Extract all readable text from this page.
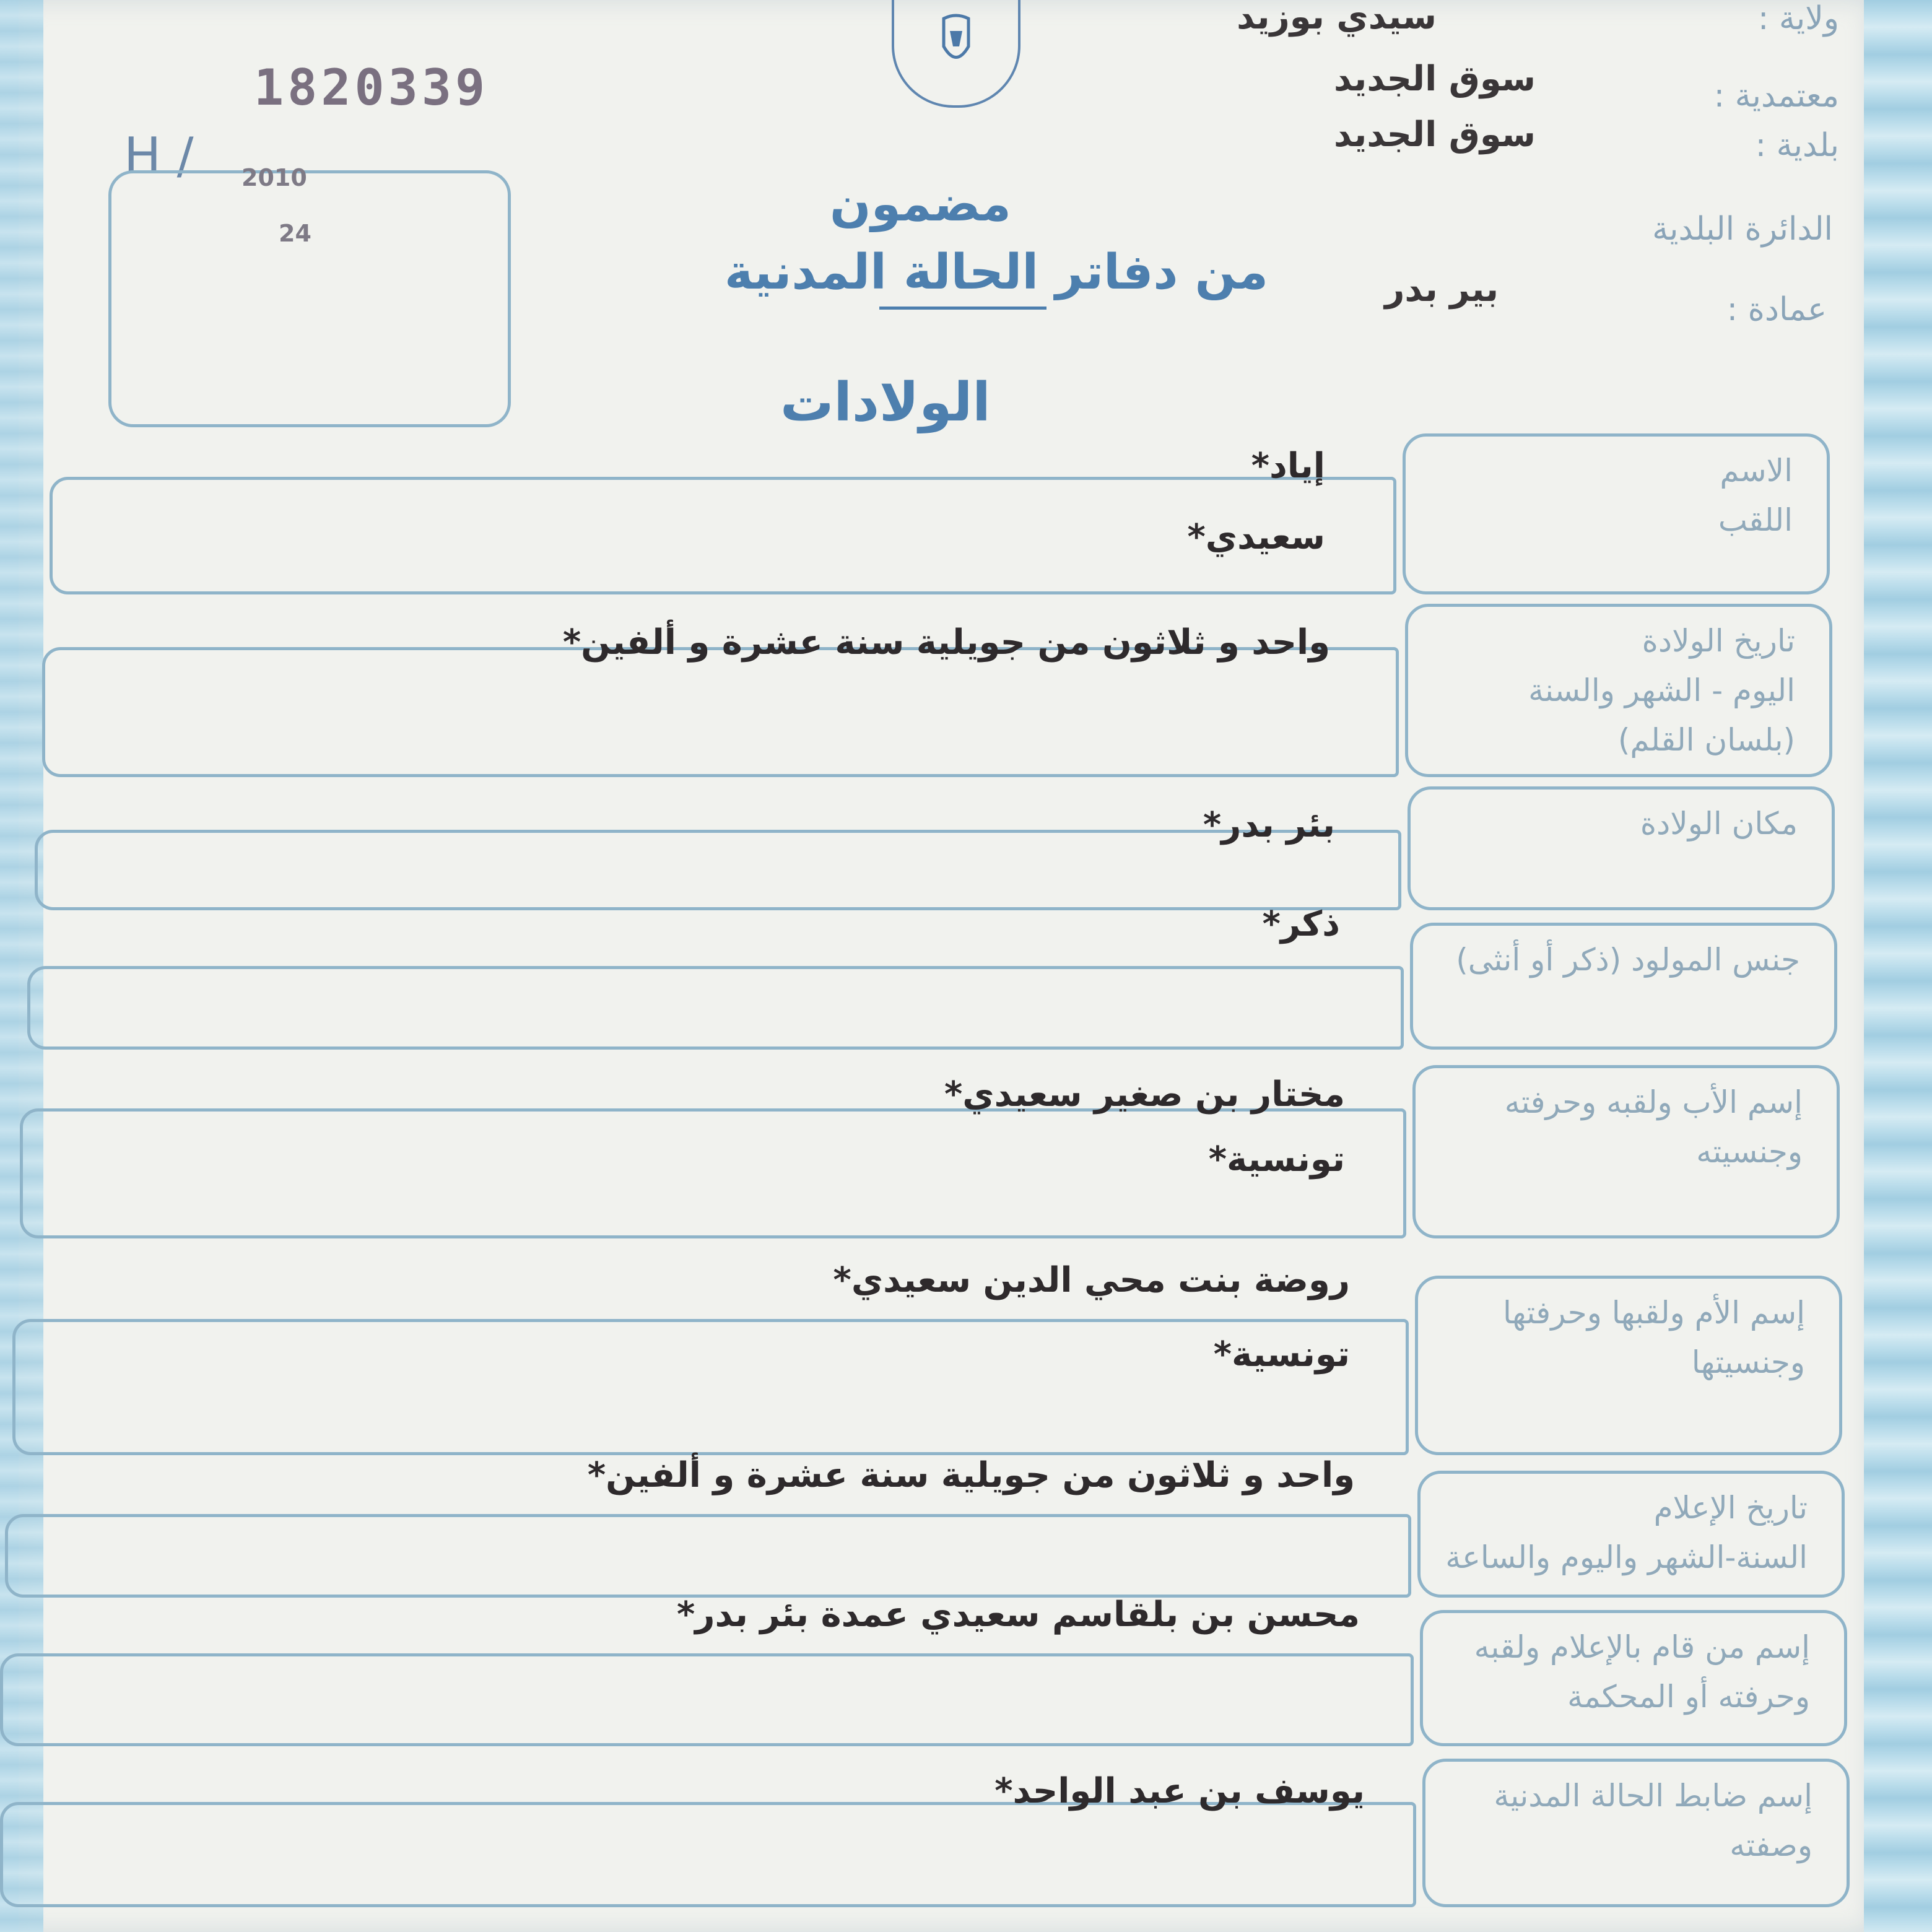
1820339
H / 2010
24
ولاية :
سيدي بوزيد
معتمدية :
سوق الجديد
بلدية :
سوق الجديد
الدائرة البلدية
عمادة :
بير بدر
مضمون
من دفاتر الحالة المدنية
الولادات
الاسم
اللقب
إياد*
سعيدي*
تاريخ الولادة
اليوم - الشهر والسنة
(بلسان القلم)
واحد و ثلاثون من جويلية سنة عشرة و ألفين*
مكان الولادة
بئر بدر*
جنس المولود (ذكر أو أنثى)
ذكر*
إسم الأب ولقبه وحرفته
وجنسيته
مختار بن صغير سعيدي*
تونسية*
إسم الأم ولقبها وحرفتها
وجنسيتها
روضة بنت محي الدين سعيدي*
تونسية*
تاريخ الإعلام
السنة-الشهر واليوم والساعة
واحد و ثلاثون من جويلية سنة عشرة و ألفين*
إسم من قام بالإعلام ولقبه
وحرفته أو المحكمة
محسن بن بلقاسم سعيدي عمدة بئر بدر*
إسم ضابط الحالة المدنية
وصفته
يوسف بن عبد الواحد*
